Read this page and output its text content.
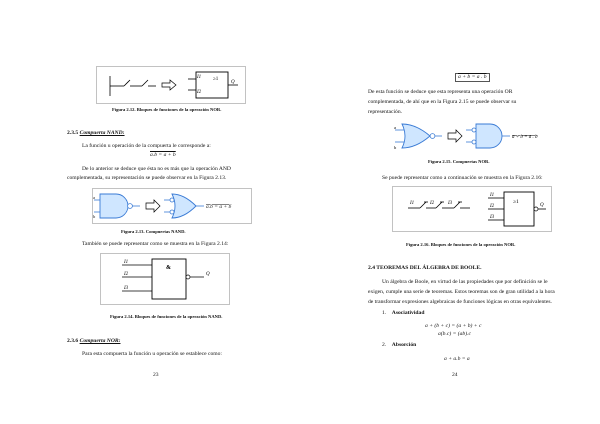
I1
I2
≥1
Q
Figura 2.12. Bloques de funciones de la operación NOR.
2.3.5 Compuerta NAND:
La función u operación de la compuerta le corresponde a:
a.b = a + b
De lo anterior se deduce que ésta no es más que la operación AND
complementada, su representación se puede observar en la Figura 2.13.
a
b
a.b = a + b
Figura 2.13. Compuertas NAND.
También se puede representar como se muestra en la Figura 2.14:
I1
I2
I3
&
Q
Figura 2.14. Bloques de funciones de la operación NAND.
2.3.6 Compuerta NOR:
Para esta compuerta la función u operación se establece como:
23
a + b = a . b
De esta función se deduce que esta representa una operación OR
complementada, de ahí que en la Figura 2.15 se puede observar su
representación.
a
b
a + b = a . b
Figura 2.15. Compuertas NOR.
Se puede representar como a continuación se muestra en la Figura 2.16:
I1	I2	I3
I1
I2
I3
≥1
Q
Figura 2.16. Bloques de funciones de la operación NOR.
2.4 TEOREMAS DEL ÁLGEBRA DE BOOLE.
Un álgebra de Boole, en virtud de las propiedades que por definición se le
exigen, cumple una serie de teoremas. Estos teoremas son de gran utilidad a la hora
de transformar expresiones algebraicas de funciones lógicas en otras equivalentes.
1. Asociatividad
a + (b + c) = (a + b) + c
a(b.c) = (ab).c
2. Absorción
a + a.b = a
24
